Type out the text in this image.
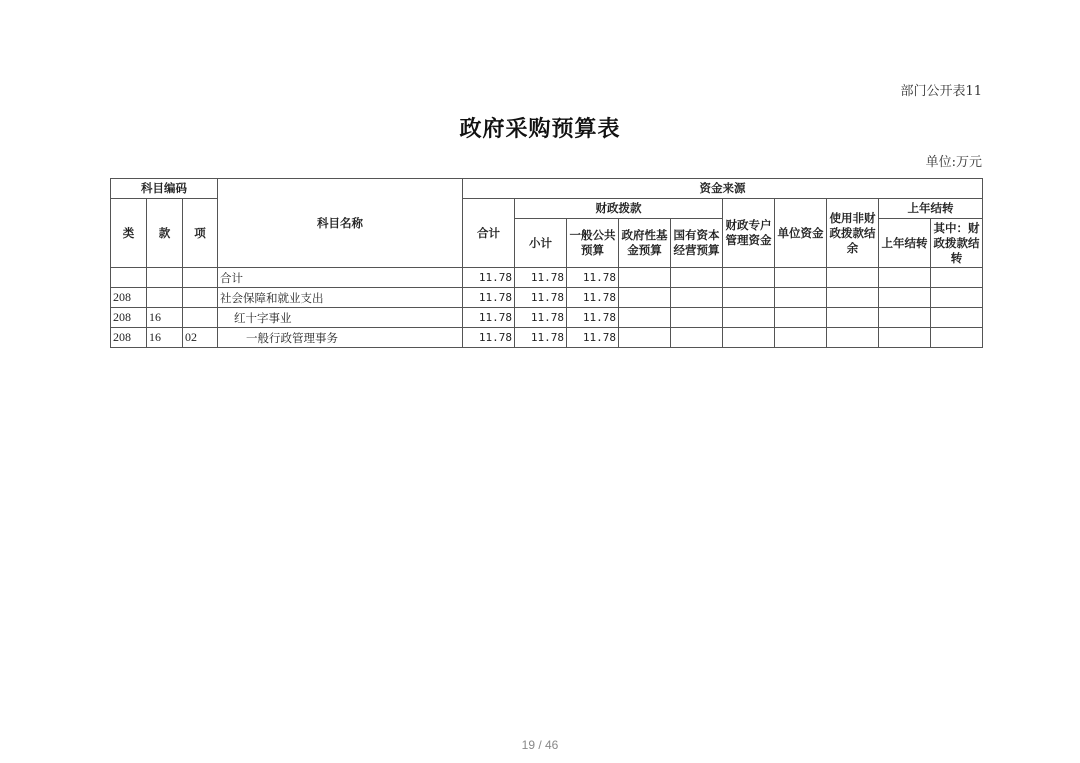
部门公开表11
政府采购预算表
单位:万元
科目编码			科目名称	资金来源									
类	款	项		合计	财政拨款				财政专户管理资金	单位资金	使用非财政拨款结余	上年结转	
					小计	一般公共预算	政府性基金预算	国有资本经营预算				上年结转	其中：财政拨款结转
			合计	11.78	11.78	11.78							
208			社会保障和就业支出	11.78	11.78	11.78							
208	16		红十字事业	11.78	11.78	11.78							
208	16	02	一般行政管理事务	11.78	11.78	11.78							
19 / 46
